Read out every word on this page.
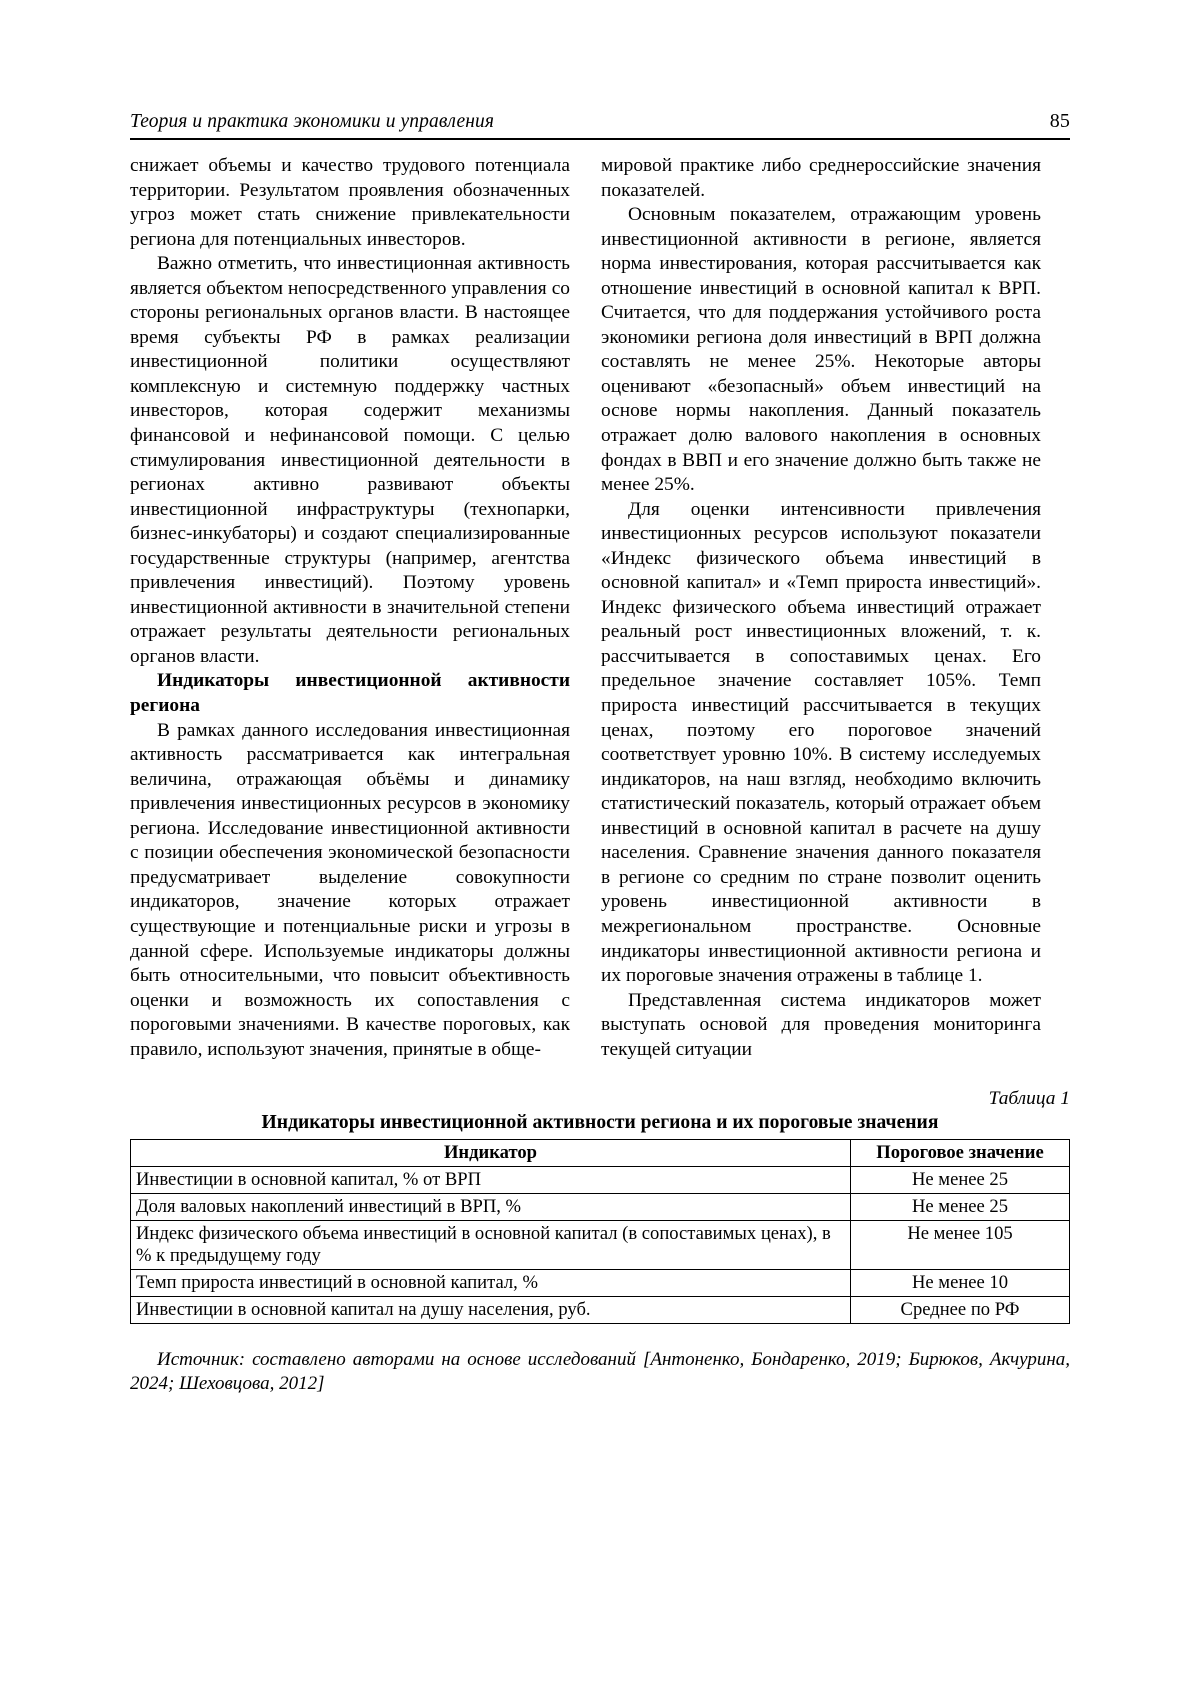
Теория и практика экономики и управления	85

снижает объемы и качество трудового потенциала территории. Результатом проявления обозначенных угроз может стать снижение привлекательности региона для потенциальных инвесторов.

Важно отметить, что инвестиционная активность является объектом непосредственного управления со стороны региональных органов власти. В настоящее время субъекты РФ в рамках реализации инвестиционной политики осуществляют комплексную и системную поддержку частных инвесторов, которая содержит механизмы финансовой и нефинансовой помощи. С целью стимулирования инвестиционной деятельности в регионах активно развивают объекты инвестиционной инфраструктуры (технопарки, бизнес-инкубаторы) и создают специализированные государственные структуры (например, агентства привлечения инвестиций). Поэтому уровень инвестиционной активности в значительной степени отражает результаты деятельности региональных органов власти.

Индикаторы инвестиционной активности региона

В рамках данного исследования инвестиционная активность рассматривается как интегральная величина, отражающая объёмы и динамику привлечения инвестиционных ресурсов в экономику региона. Исследование инвестиционной активности с позиции обеспечения экономической безопасности предусматривает выделение совокупности индикаторов, значение которых отражает существующие и потенциальные риски и угрозы в данной сфере. Используемые индикаторы должны быть относительными, что повысит объективность оценки и возможность их сопоставления с пороговыми значениями. В качестве пороговых, как правило, используют значения, принятые в обще-

мировой практике либо среднероссийские значения показателей.

Основным показателем, отражающим уровень инвестиционной активности в регионе, является норма инвестирования, которая рассчитывается как отношение инвестиций в основной капитал к ВРП. Считается, что для поддержания устойчивого роста экономики региона доля инвестиций в ВРП должна составлять не менее 25%. Некоторые авторы оценивают «безопасный» объем инвестиций на основе нормы накопления. Данный показатель отражает долю валового накопления в основных фондах в ВВП и его значение должно быть также не менее 25%.

Для оценки интенсивности привлечения инвестиционных ресурсов используют показатели «Индекс физического объема инвестиций в основной капитал» и «Темп прироста инвестиций». Индекс физического объема инвестиций отражает реальный рост инвестиционных вложений, т. к. рассчитывается в сопоставимых ценах. Его предельное значение составляет 105%. Темп прироста инвестиций рассчитывается в текущих ценах, поэтому его пороговое значений соответствует уровню 10%. В систему исследуемых индикаторов, на наш взгляд, необходимо включить статистический показатель, который отражает объем инвестиций в основной капитал в расчете на душу населения. Сравнение значения данного показателя в регионе со средним по стране позволит оценить уровень инвестиционной активности в межрегиональном пространстве. Основные индикаторы инвестиционной активности региона и их пороговые значения отражены в таблице 1.

Представленная система индикаторов может выступать основой для проведения мониторинга текущей ситуации

Таблица 1
Индикаторы инвестиционной активности региона и их пороговые значения
Индикатор	Пороговое значение
Инвестиции в основной капитал, % от ВРП	Не менее 25
Доля валовых накоплений инвестиций в ВРП, %	Не менее 25
Индекс физического объема инвестиций в основной капитал (в сопоставимых ценах), в % к предыдущему году	Не менее 105
Темп прироста инвестиций в основной капитал, %	Не менее 10
Инвестиции в основной капитал на душу населения, руб.	Среднее по РФ
Источник: составлено авторами на основе исследований [Антоненко, Бондаренко, 2019; Бирюков, Акчурина, 2024; Шеховцова, 2012]
